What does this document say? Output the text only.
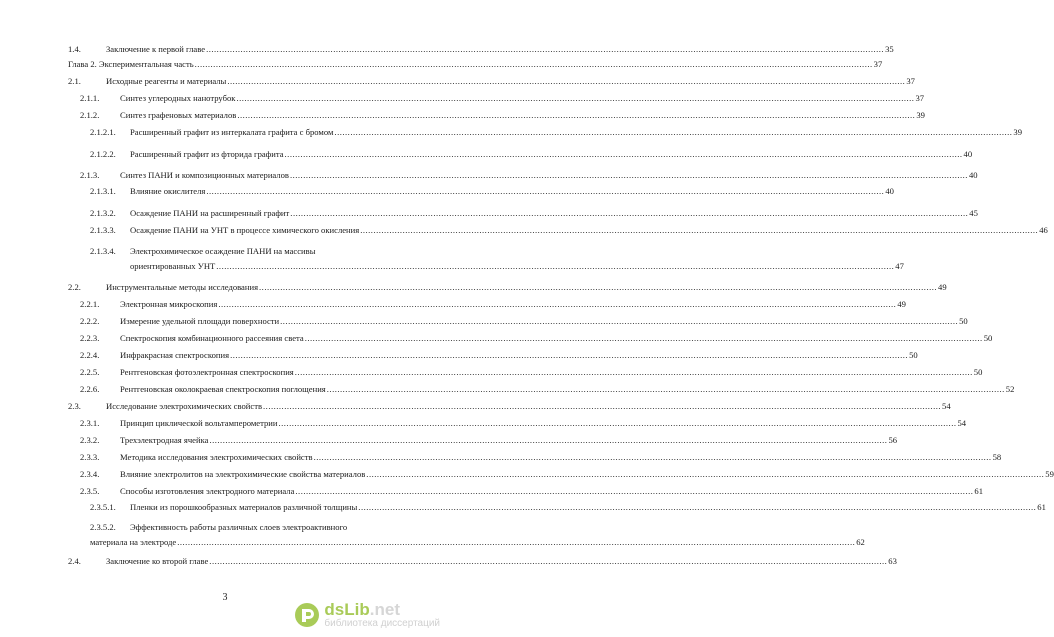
1.4.	Заключение к первой главе .....	35
Глава 2. Экспериментальная часть .....	37
2.1.	Исходные реагенты и материалы .....	37
2.1.1.	Синтез углеродных нанотрубок .....	37
2.1.2.	Синтез графеновых материалов .....	39
2.1.2.1.	Расширенный графит из интеркалата графита с бромом .....	39
2.1.2.2.	Расширенный графит из фторида графита .....	40
2.1.3.	Синтез ПАНИ и композиционных материалов .....	40
2.1.3.1.	Влияние окислителя .....	40
2.1.3.2.	Осаждение ПАНИ на расширенный графит .....	45
2.1.3.3.	Осаждение ПАНИ на УНТ в процессе химического окисления .....	46
2.1.3.4.	Электрохимическое осаждение ПАНИ на массивы
ориентированных УНТ .....	47
2.2.	Инструментальные методы исследования .....	49
2.2.1.	Электронная микроскопия .....	49
2.2.2.	Измерение удельной площади поверхности .....	50
2.2.3.	Спектроскопия комбинационного рассеяния света .....	50
2.2.4.	Инфракрасная спектроскопия .....	50
2.2.5.	Рентгеновская фотоэлектронная спектроскопия .....	50
2.2.6.	Рентгеновская околокраевая спектроскопия поглощения .....	52
2.3.	Исследование электрохимических свойств .....	54
2.3.1.	Принцип циклической вольтамперометрии .....	54
2.3.2.	Трехэлектродная ячейка .....	56
2.3.3.	Методика исследования электрохимических свойств .....	58
2.3.4.	Влияние электролитов на электрохимические свойства материалов .....	59
2.3.5.	Способы изготовления электродного материала .....	61
2.3.5.1.	Пленки из порошкообразных материалов различной толщины .....	61
2.3.5.2.	Эффективность работы различных слоев электроактивного
материала на электроде .....	62
2.4.	Заключение ко второй главе .....	63
3
dsLib.net
библиотека диссертаций
